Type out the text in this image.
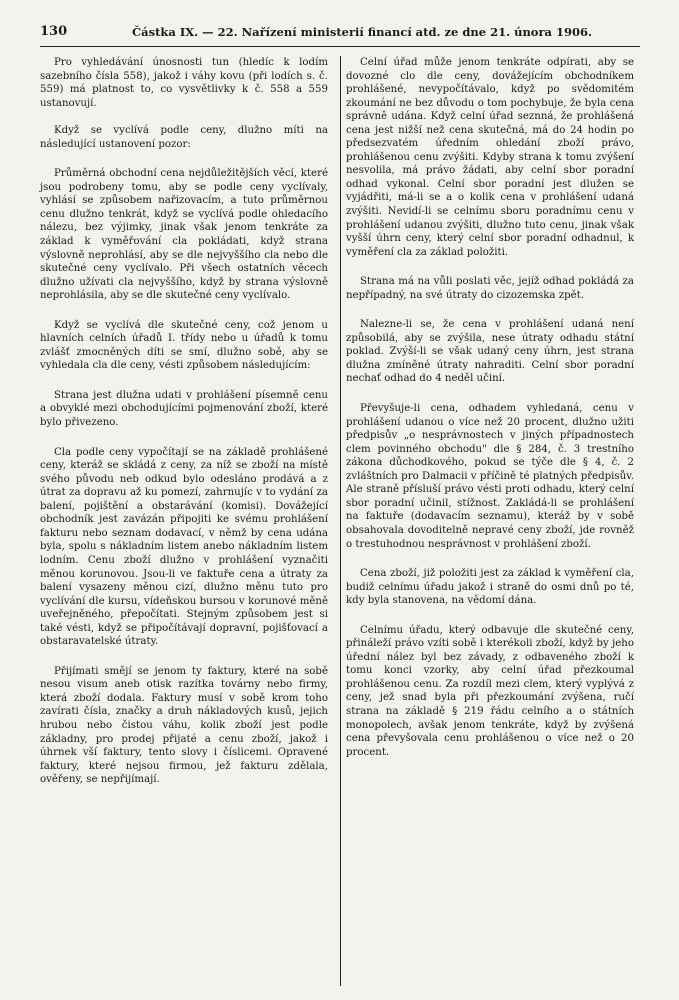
130	Částka IX. — 22. Nařízení ministerií financí atd. ze dne 21. února 1906.

Pro vyhledávání únosnosti tun (hledíc k lodím sazebního čísla 558), jakož i váhy kovu (při lodích s. č. 559) má platnost to, co vysvětlivky k č. 558 a 559 ustanovují.

Když se vyclívá podle ceny, dlužno míti na následující ustanovení pozor:

Průměrná obchodní cena nejdůležitějších věcí, které jsou podrobeny tomu, aby se podle ceny vyclívaly, vyhlásí se způsobem nařizovacím, a tuto průměrnou cenu dlužno tenkrát, když se vyclívá podle ohledacího nálezu, bez výjimky, jinak však jenom tenkráte za základ k vyměřování cla pokládati, když strana výslovně neprohlásí, aby se dle nejvyššího cla nebo dle skutečné ceny vyclívalo. Při všech ostatních věcech dlužno užívati cla nejvyššího, když by strana výslovně neprohlásila, aby se dle skutečné ceny vyclívalo.

Když se vyclívá dle skutečné ceny, což jenom u hlavních celních úřadů I. třídy nebo u úřadů k tomu zvlášť zmocněných díti se smí, dlužno sobě, aby se vyhledala cla dle ceny, vésti způsobem následujícím:

Strana jest dlužna udati v prohlášení písemně cenu a obvyklé mezi obchodujícími pojmenování zboží, které bylo přivezeno.

Cla podle ceny vypočítají se na základě prohlášené ceny, kteráž se skládá z ceny, za níž se zboží na místě svého původu neb odkud bylo odesláno prodává a z útrat za dopravu až ku pomezí, zahrnujíc v to vydání za balení, pojištění a obstarávání (komisi). Dovážející obchodník jest zavázán připojiti ke svému prohlášení fakturu nebo seznam dodavací, v němž by cena udána byla, spolu s nákladním listem anebo nákladním listem lodním. Cenu zboží dlužno v prohlášení vyznačiti měnou korunovou. Jsou-li ve faktuře cena a útraty za balení vysazeny měnou cizí, dlužno měnu tuto pro vyclívání dle kursu, vídeňskou bursou v korunové měně uveřejněného, přepočítati. Stejným způsobem jest si také vésti, když se připočítávají dopravní, pojišťovací a obstaravatelské útraty.

Přijímati smějí se jenom ty faktury, které na sobě nesou visum aneb otisk razítka továrny nebo firmy, která zboží dodala. Faktury musí v sobě krom toho zavírati čísla, značky a druh nákladových kusů, jejich hrubou nebo čistou váhu, kolik zboží jest podle základny, pro prodej přijaté a cenu zboží, jakož i úhrnek vší faktury, tento slovy i číslicemi. Opravené faktury, které nejsou firmou, jež fakturu zdělala, ověřeny, se nepřijímají.

Celní úřad může jenom tenkráte odpírati, aby se dovozné clo dle ceny, dovážejícím obchodníkem prohlášené, nevypočítávalo, když po svědomitém zkoumání ne bez důvodu o tom pochybuje, že byla cena správně udána. Když celní úřad seznná, že prohlášená cena jest nižší než cena skutečná, má do 24 hodin po předsezvatém úředním ohledání zboží právo, prohlášenou cenu zvýšiti. Kdyby strana k tomu zvýšení nesvolila, má právo žádati, aby celní sbor poradní odhad vykonal. Celní sbor poradní jest dlužen se vyjádřiti, má-li se a o kolik cena v prohlášení udaná zvýšiti. Nevidí-li se celnímu sboru poradnímu cenu v prohlášení udanou zvýšiti, dlužno tuto cenu, jinak však vyšší úhrn ceny, který celní sbor poradní odhadnul, k vyměření cla za základ položiti.

Strana má na vůli poslati věc, jejíž odhad pokládá za nepřípadný, na své útraty do cizozemska zpět.

Nalezne-li se, že cena v prohlášení udaná není způsobilá, aby se zvýšila, nese útraty odhadu státní poklad. Zvýší-li se však udaný ceny úhrn, jest strana dlužna zmíněné útraty nahraditi. Celní sbor poradní nechať odhad do 4 neděl učiní.

Převyšuje-li cena, odhadem vyhledaná, cenu v prohlášení udanou o více než 20 procent, dlužno užiti předpisův „o nesprávnostech v jiných případnostech clem povinného obchodu" dle § 284, č. 3 trestního zákona důchodkového, pokud se týče dle § 4, č. 2 zvláštních pro Dalmacii v příčině té platných předpisův. Ale straně přísluší právo vésti proti odhadu, který celní sbor poradní učinil, stížnost. Zakládá-li se prohlášení na faktuře (dodavacím seznamu), kteráž by v sobě obsahovala dovoditelně nepravé ceny zboží, jde rovněž o trestuhodnou nesprávnost v prohlášení zboží.

Cena zboží, již položiti jest za základ k vyměření cla, budiž celnímu úřadu jakož i straně do osmi dnů po té, kdy byla stanovena, na vědomí dána.

Celnímu úřadu, který odbavuje dle skutečné ceny, přináleží právo vzíti sobě i kterékoli zboží, když by jeho úřední nález byl bez závady, z odbaveného zboží k tomu konci vzorky, aby celní úřad přezkoumal prohlášenou cenu. Za rozdíl mezi clem, který vyplývá z ceny, jež snad byla při přezkoumání zvýšena, ručí strana na základě § 219 řádu celního a o státních monopolech, avšak jenom tenkráte, když by zvýšená cena převyšovala cenu prohlášenou o více než o 20 procent.
